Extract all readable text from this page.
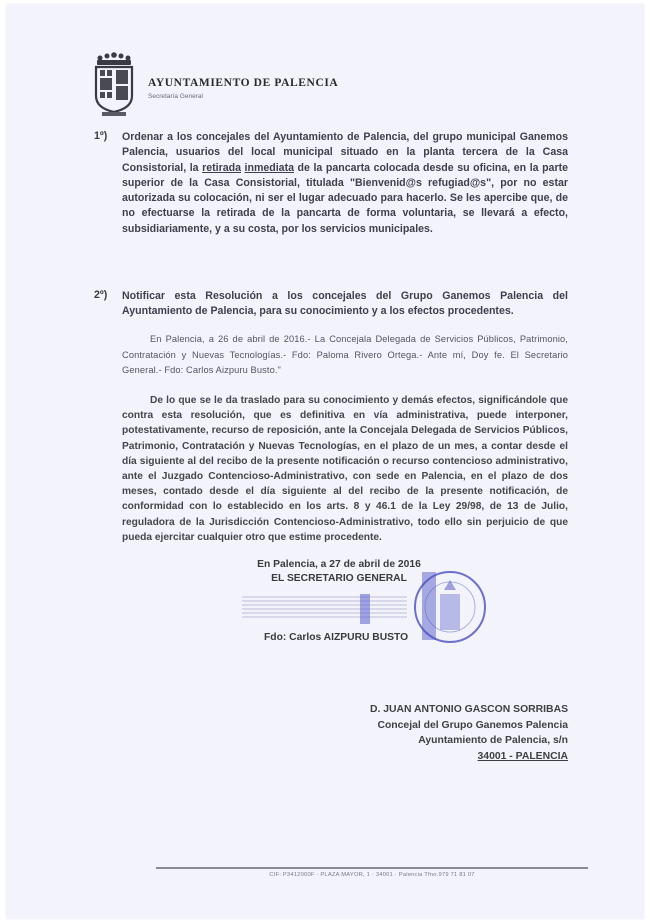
AYUNTAMIENTO DE PALENCIA
Secretaría General
1º) Ordenar a los concejales del Ayuntamiento de Palencia, del grupo municipal Ganemos Palencia, usuarios del local municipal situado en la planta tercera de la Casa Consistorial, la retirada inmediata de la pancarta colocada desde su oficina, en la parte superior de la Casa Consistorial, titulada "Bienvenid@s refugiad@s", por no estar autorizada su colocación, ni ser el lugar adecuado para hacerlo. Se les apercibe que, de no efectuarse la retirada de la pancarta de forma voluntaria, se llevará a efecto, subsidiariamente, y a su costa, por los servicios municipales.
2º) Notificar esta Resolución a los concejales del Grupo Ganemos Palencia del Ayuntamiento de Palencia, para su conocimiento y a los efectos procedentes.
En Palencia, a 26 de abril de 2016.- La Concejala Delegada de Servicios Públicos, Patrimonio, Contratación y Nuevas Tecnologías.- Fdo: Paloma Rivero Ortega.- Ante mí, Doy fe. El Secretario General.- Fdo: Carlos Aizpuru Busto."
De lo que se le da traslado para su conocimiento y demás efectos, significándole que contra esta resolución, que es definitiva en vía administrativa, puede interponer, potestativamente, recurso de reposición, ante la Concejala Delegada de Servicios Públicos, Patrimonio, Contratación y Nuevas Tecnologías, en el plazo de un mes, a contar desde el día siguiente al del recibo de la presente notificación o recurso contencioso administrativo, ante el Juzgado Contencioso-Administrativo, con sede en Palencia, en el plazo de dos meses, contado desde el día siguiente al del recibo de la presente notificación, de conformidad con lo establecido en los arts. 8 y 46.1 de la Ley 29/98, de 13 de Julio, reguladora de la Jurisdicción Contencioso-Administrativo, todo ello sin perjuicio de que pueda ejercitar cualquier otro que estime procedente.
En Palencia, a 27 de abril de 2016
EL SECRETARIO GENERAL
Fdo: Carlos AIZPURU BUSTO
D. JUAN ANTONIO GASCON SORRIBAS
Concejal del Grupo Ganemos Palencia
Ayuntamiento de Palencia, s/n
34001 - PALENCIA
CIF: P3412000F · PLAZA MAYOR, 1 · 34001 · Palencia Tfno.979 71 81 07
